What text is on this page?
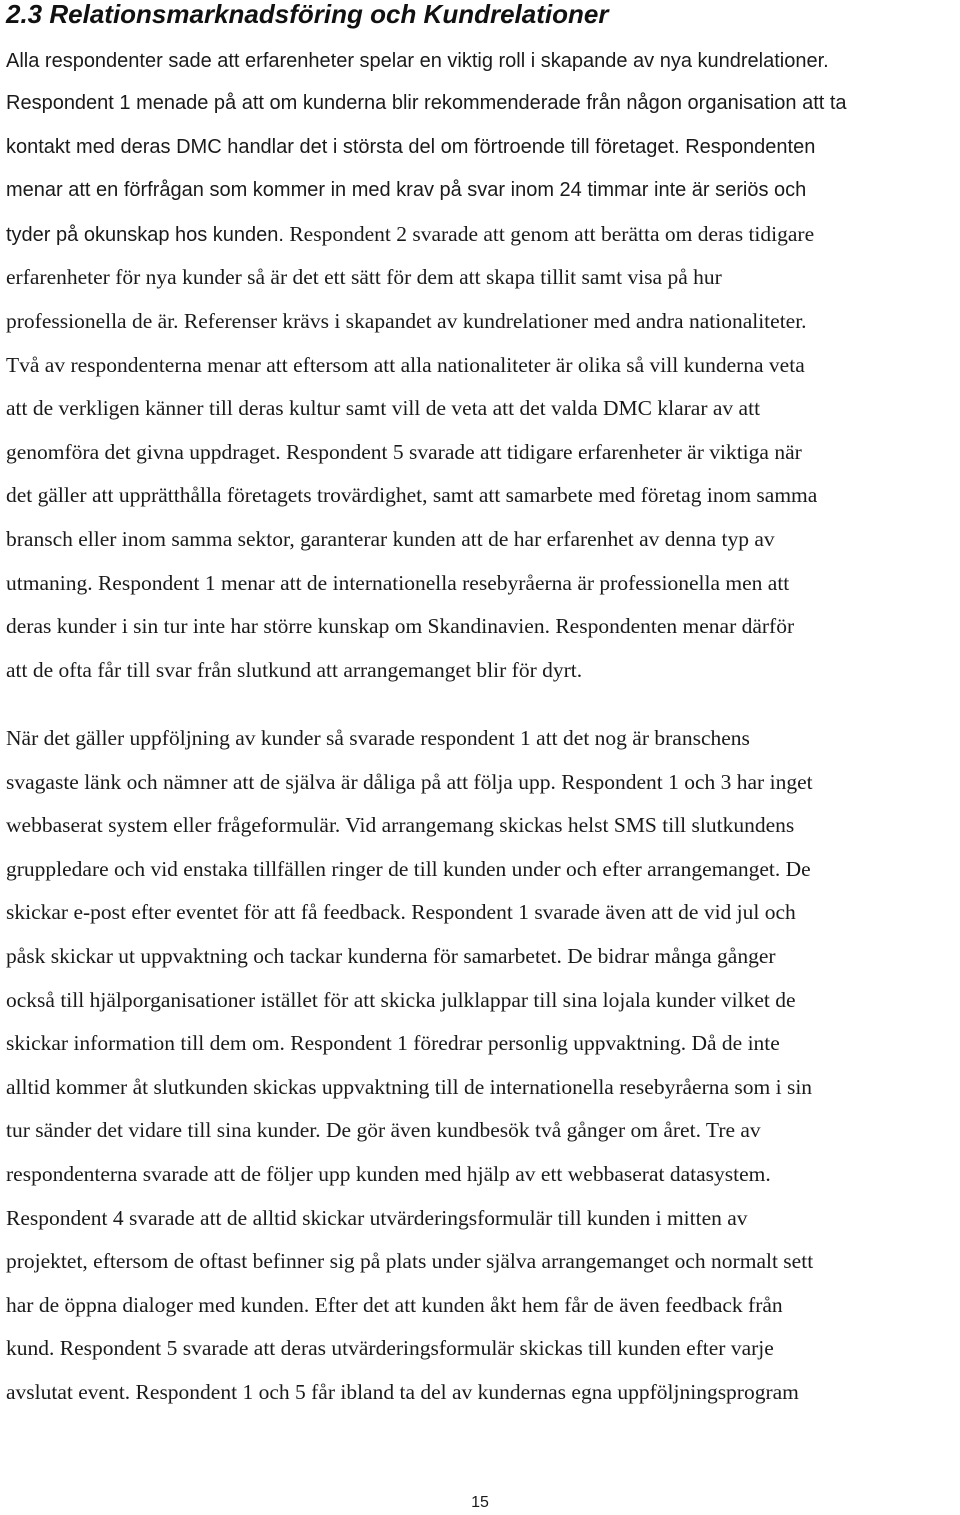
2.3 Relationsmarknadsföring och Kundrelationer

Alla respondenter sade att erfarenheter spelar en viktig roll i skapande av nya kundrelationer.

Respondent 1 menade på att om kunderna blir rekommenderade från någon organisation att ta
kontakt med deras DMC handlar det i största del om förtroende till företaget. Respondenten
menar att en förfrågan som kommer in med krav på svar inom 24 timmar inte är seriös och
tyder på okunskap hos kunden. Respondent 2 svarade att genom att berätta om deras tidigare
erfarenheter för nya kunder så är det ett sätt för dem att skapa tillit samt visa på hur
professionella de är. Referenser krävs i skapandet av kundrelationer med andra nationaliteter.
Två av respondenterna menar att eftersom att alla nationaliteter är olika så vill kunderna veta
att de verkligen känner till deras kultur samt vill de veta att det valda DMC klarar av att
genomföra det givna uppdraget. Respondent 5 svarade att tidigare erfarenheter är viktiga när
det gäller att upprätthålla företagets trovärdighet, samt att samarbete med företag inom samma
bransch eller inom samma sektor, garanterar kunden att de har erfarenhet av denna typ av
utmaning. Respondent 1 menar att de internationella resebyråerna är professionella men att
deras kunder i sin tur inte har större kunskap om Skandinavien. Respondenten menar därför
att de ofta får till svar från slutkund att arrangemanget blir för dyrt.
När det gäller uppföljning av kunder så svarade respondent 1 att det nog är branschens
svagaste länk och nämner att de själva är dåliga på att följa upp. Respondent 1 och 3 har inget
webbaserat system eller frågeformulär. Vid arrangemang skickas helst SMS till slutkundens
gruppledare och vid enstaka tillfällen ringer de till kunden under och efter arrangemanget. De
skickar e-post efter eventet för att få feedback. Respondent 1 svarade även att de vid jul och
påsk skickar ut uppvaktning och tackar kunderna för samarbetet. De bidrar många gånger
också till hjälporganisationer istället för att skicka julklappar till sina lojala kunder vilket de
skickar information till dem om. Respondent 1 föredrar personlig uppvaktning. Då de inte
alltid kommer åt slutkunden skickas uppvaktning till de internationella resebyråerna som i sin
tur sänder det vidare till sina kunder. De gör även kundbesök två gånger om året. Tre av
respondenterna svarade att de följer upp kunden med hjälp av ett webbaserat datasystem.
Respondent 4 svarade att de alltid skickar utvärderingsformulär till kunden i mitten av
projektet, eftersom de oftast befinner sig på plats under själva arrangemanget och normalt sett
har de öppna dialoger med kunden. Efter det att kunden åkt hem får de även feedback från
kund. Respondent 5 svarade att deras utvärderingsformulär skickas till kunden efter varje
avslutat event. Respondent 1 och 5 får ibland ta del av kundernas egna uppföljningsprogram
15
